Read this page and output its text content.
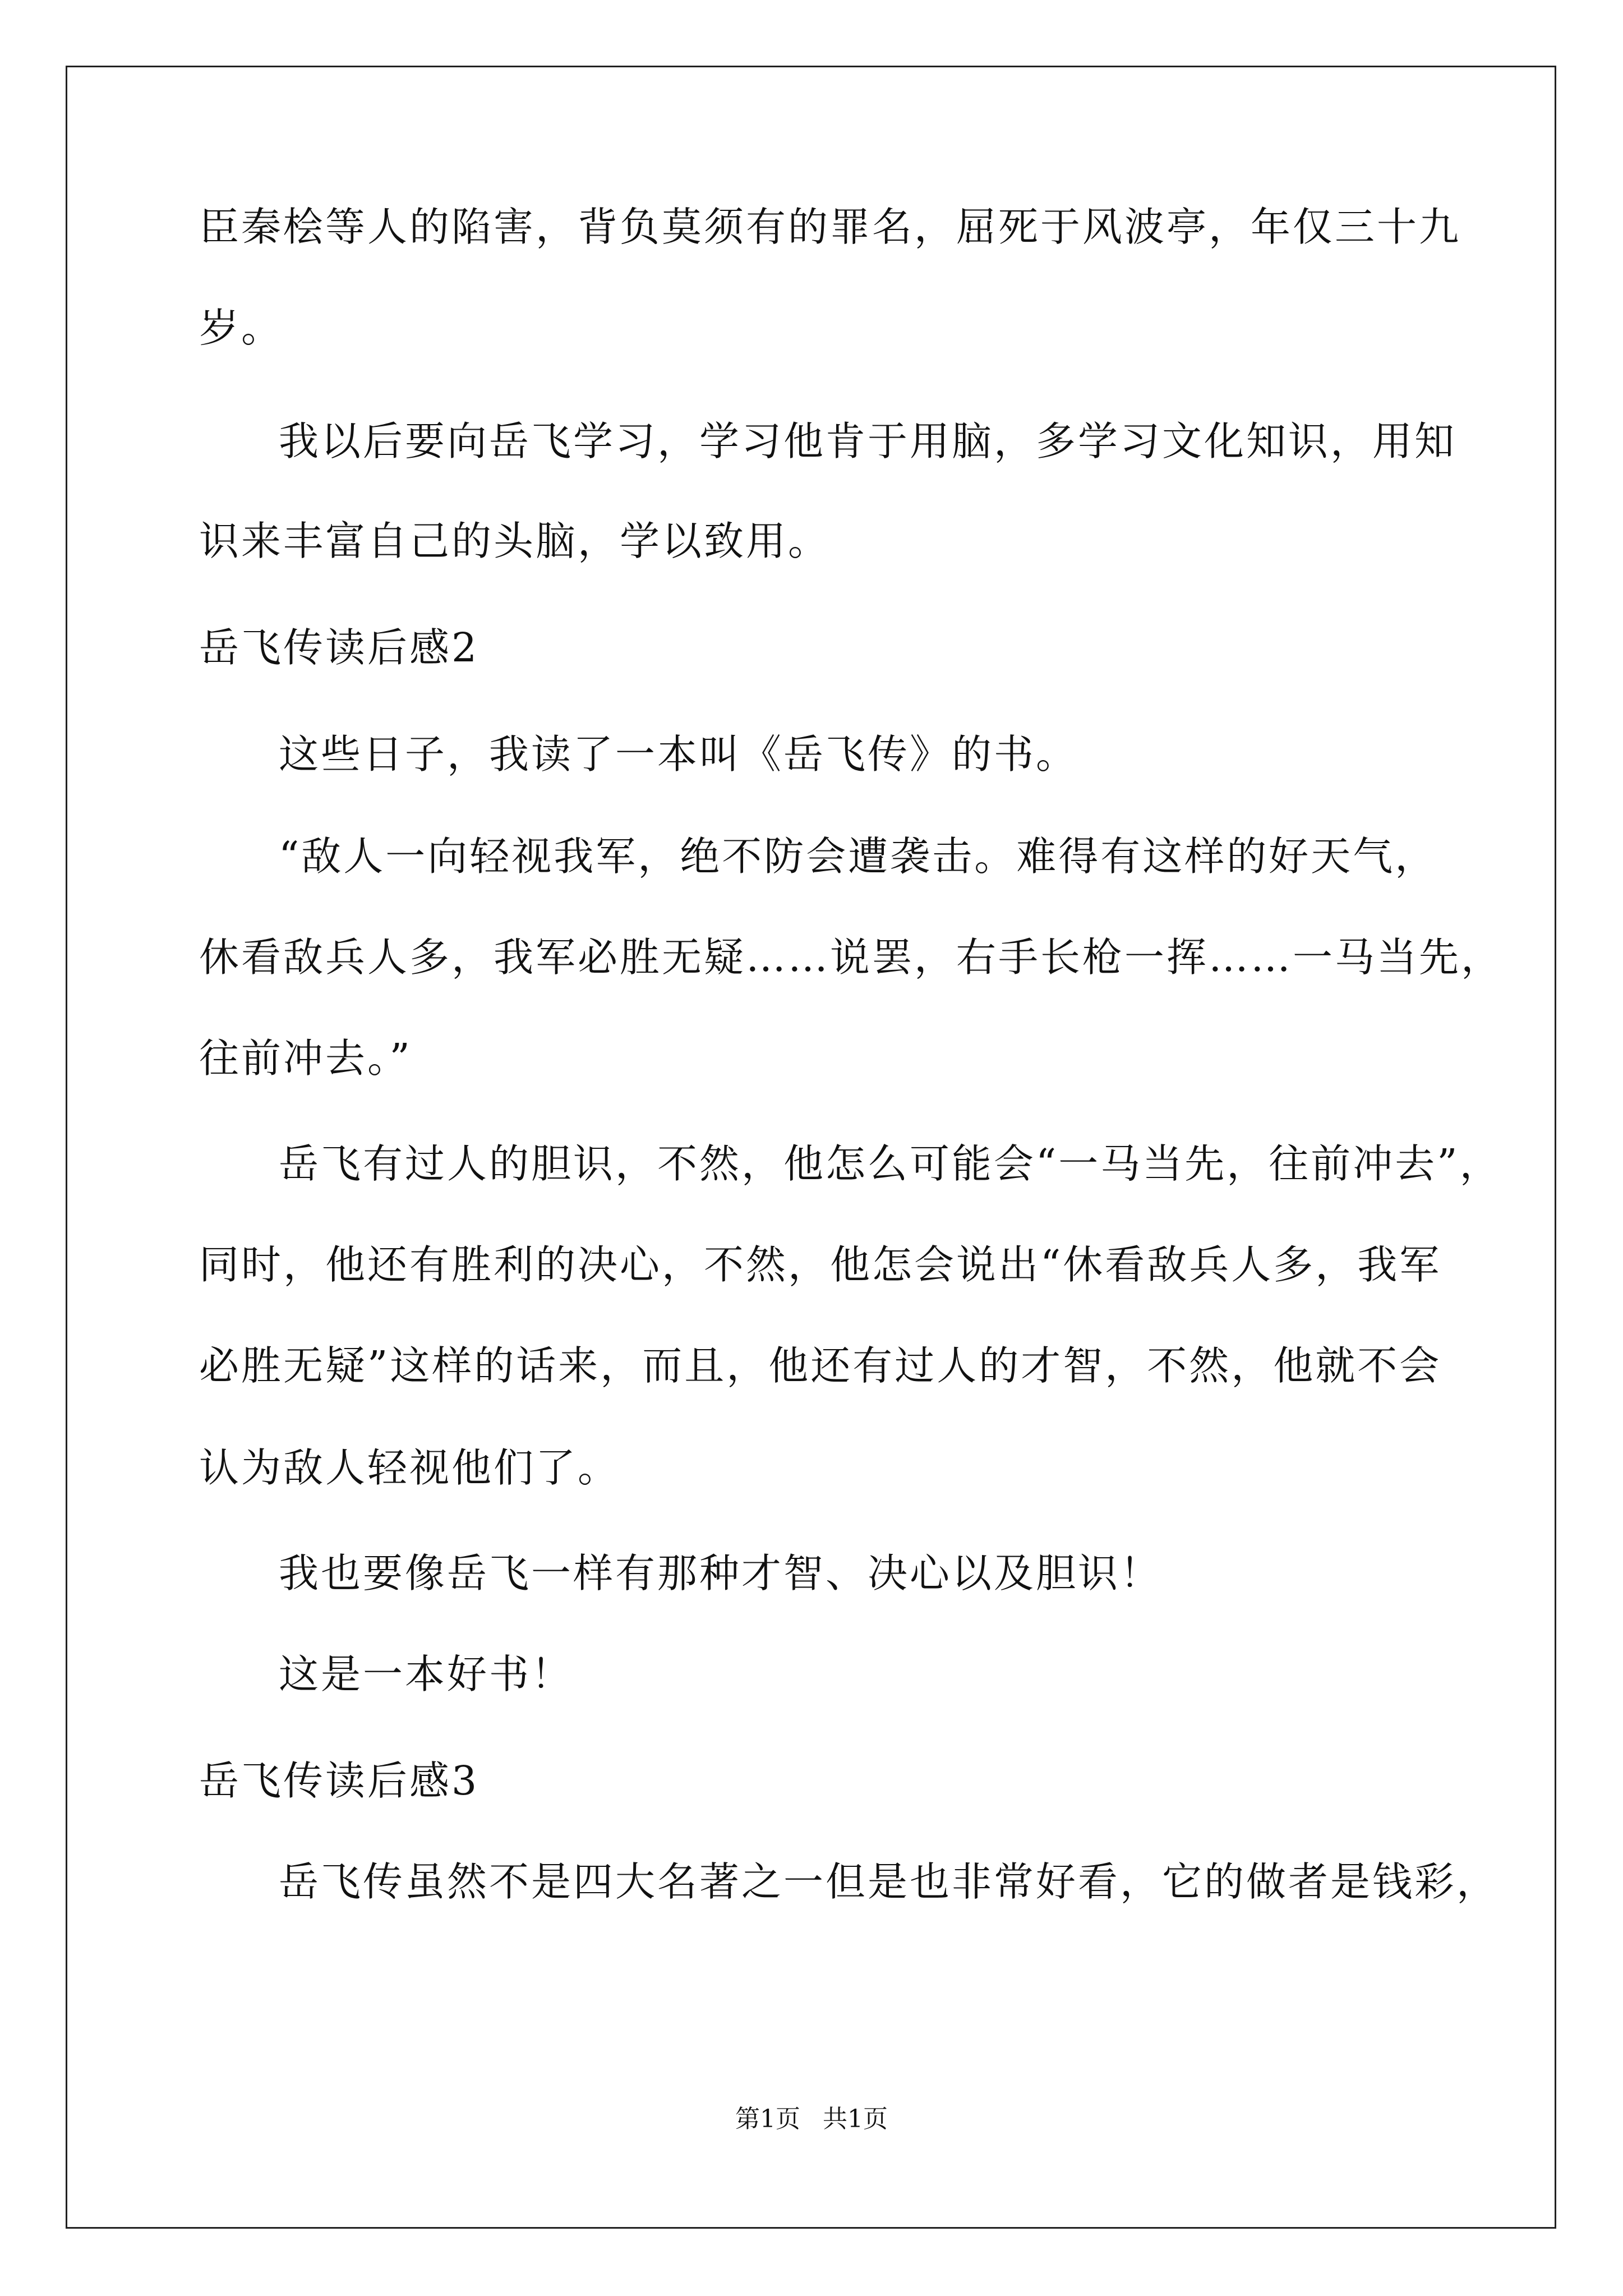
臣秦桧等人的陷害，背负莫须有的罪名，屈死于风波亭，年仅三十九
岁。
我以后要向岳飞学习，学习他肯于用脑，多学习文化知识，用知
识来丰富自己的头脑，学以致用。
岳飞传读后感2
这些日子，我读了一本叫《岳飞传》的书。
“敌人一向轻视我军，绝不防会遭袭击。难得有这样的好天气，
休看敌兵人多，我军必胜无疑……说罢，右手长枪一挥……一马当先，
往前冲去。”
岳飞有过人的胆识，不然，他怎么可能会“一马当先，往前冲去”，
同时，他还有胜利的决心，不然，他怎会说出“休看敌兵人多，我军
必胜无疑”这样的话来，而且，他还有过人的才智，不然，他就不会
认为敌人轻视他们了。
我也要像岳飞一样有那种才智、决心以及胆识！
这是一本好书！
岳飞传读后感3
岳飞传虽然不是四大名著之一但是也非常好看，它的做者是钱彩，
第1页 共1页
